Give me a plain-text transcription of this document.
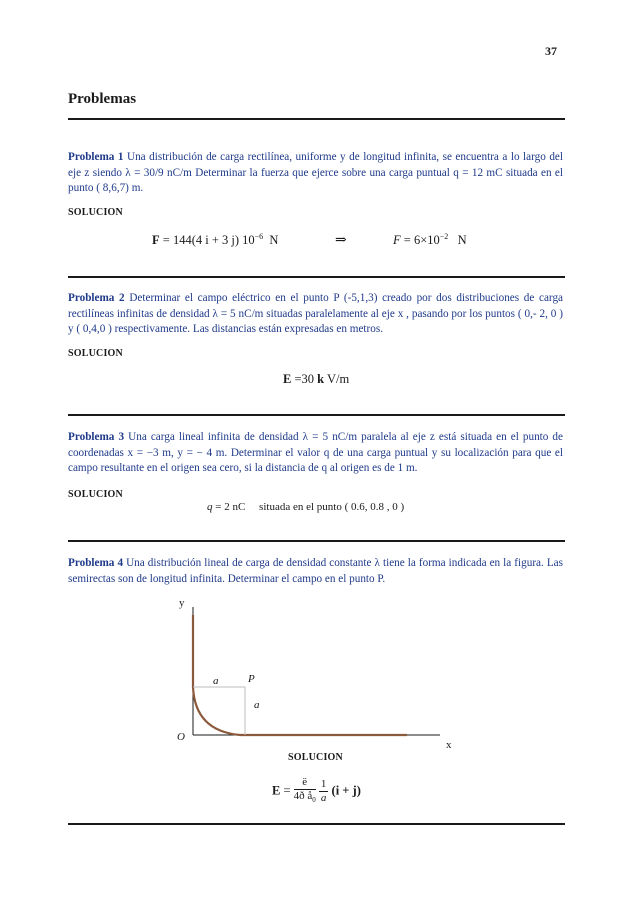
37
Problemas
Problema 1 Una distribución de carga rectilínea, uniforme y de longitud infinita, se encuentra a lo largo del eje z siendo λ = 30/9 nC/m Determinar la fuerza que ejerce sobre una carga puntual q = 12 mC situada en el punto ( 8,6,7) m.
SOLUCION
F = 144(4 i + 3 j) $10^{-6}$ N	⇒	$F = 6\times 10^{-2}$ N
Problema 2 Determinar el campo eléctrico en el punto P (-5,1,3) creado por dos distribuciones de carga rectilíneas infinitas de densidad λ = 5 nC/m situadas paralelamente al eje x , pasando por los puntos ( 0,- 2, 0 ) y ( 0,4,0 ) respectivamente. Las distancias están expresadas en metros.
SOLUCION
E =30 k V/m
Problema 3 Una carga lineal infinita de densidad λ = 5 nC/m paralela al eje z está situada en el punto de coordenadas x = −3 m, y = − 4 m. Determinar el valor q de una carga puntual y su localización para que el campo resultante en el origen sea cero, si la distancia de q al origen es de 1 m.
SOLUCION
q = 2 nC situada en el punto ( 0.6, 0.8 , 0 )
Problema 4 Una distribución lineal de carga de densidad constante λ tiene la forma indicada en la figura. Las semirectas son de longitud infinita. Determinar el campo en el punto P.
y
x
O
a	P
a
SOLUCION
$E = \frac{ë}{4ð å_0}$
$\frac{1}{a} (i + j)$
